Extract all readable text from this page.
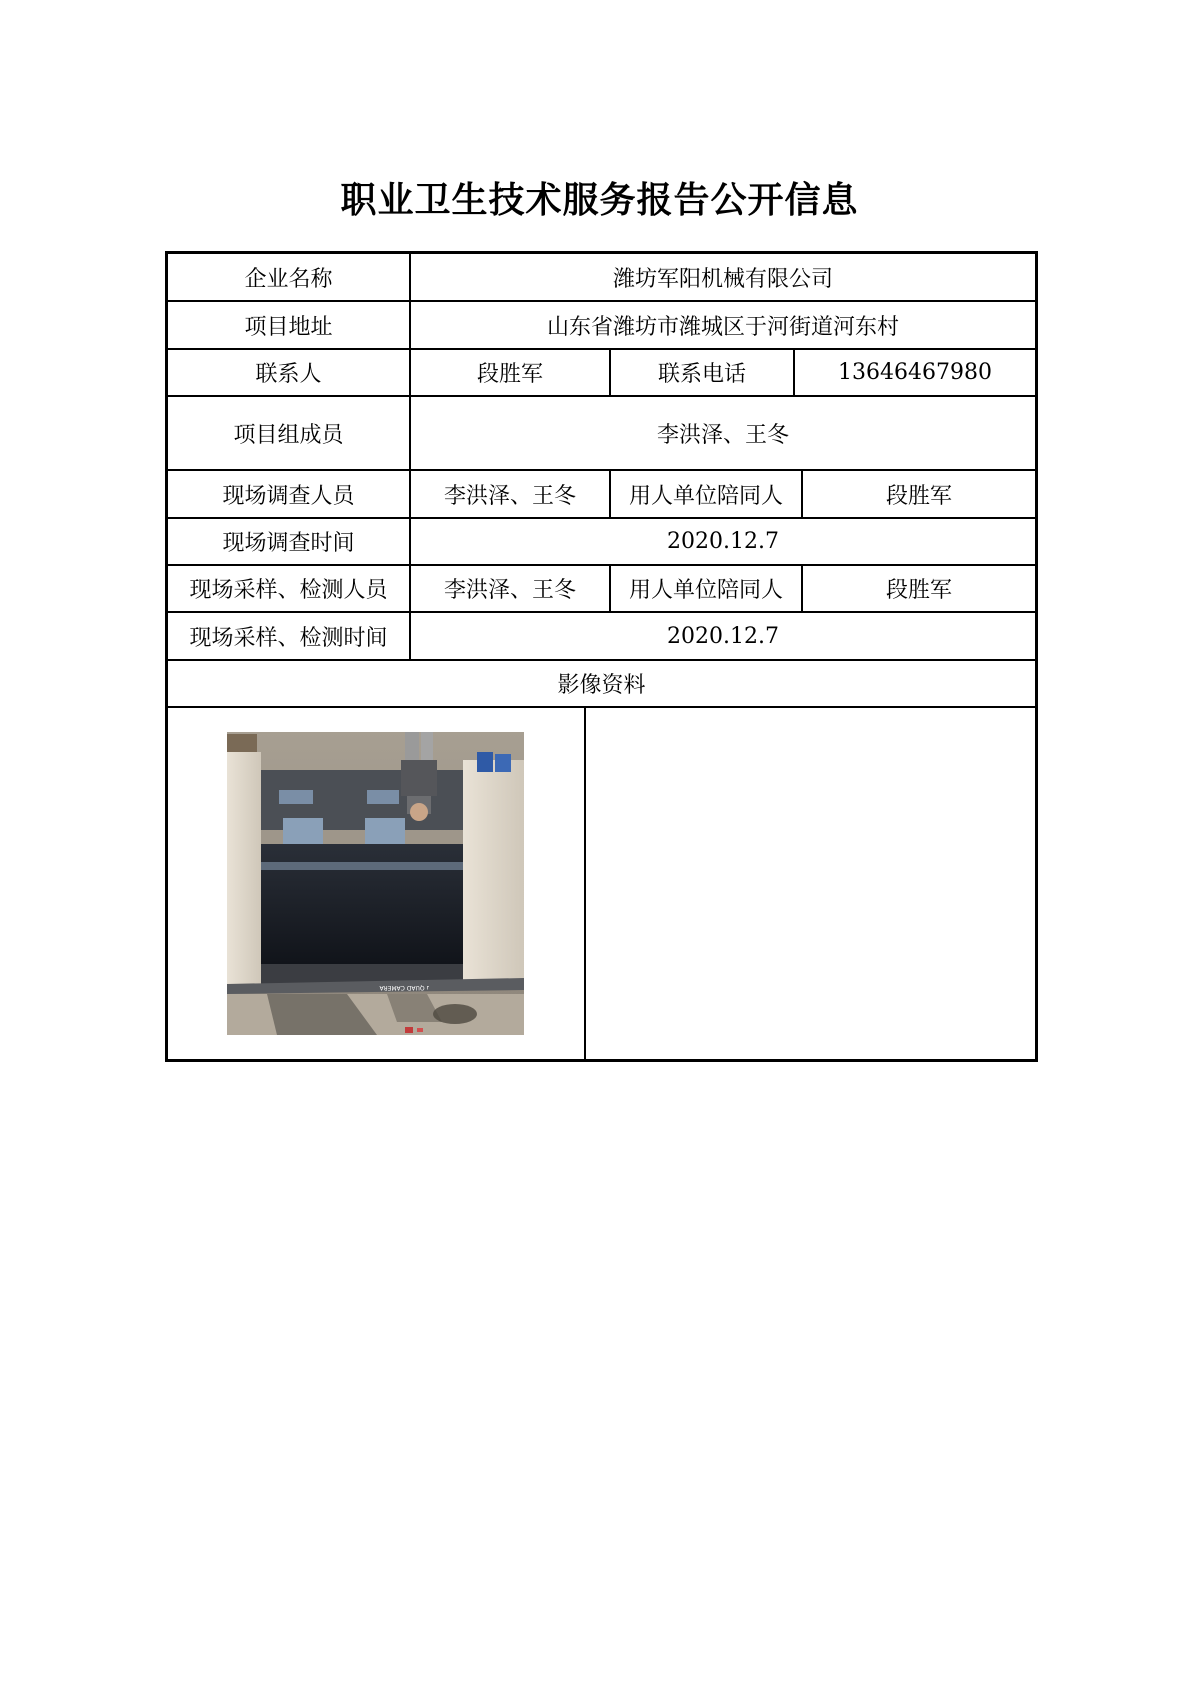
职业卫生技术服务报告公开信息
企业名称	潍坊军阳机械有限公司
项目地址	山东省潍坊市潍城区于河街道河东村
联系人	段胜军	联系电话	13646467980
项目组成员	李洪泽、王冬
现场调查人员	李洪泽、王冬	用人单位陪同人	段胜军
现场调查时间	2020.12.7
现场采样、检测人员	李洪泽、王冬	用人单位陪同人	段胜军
现场采样、检测时间	2020.12.7
影像资料
ɹ QUAD CAMERA
